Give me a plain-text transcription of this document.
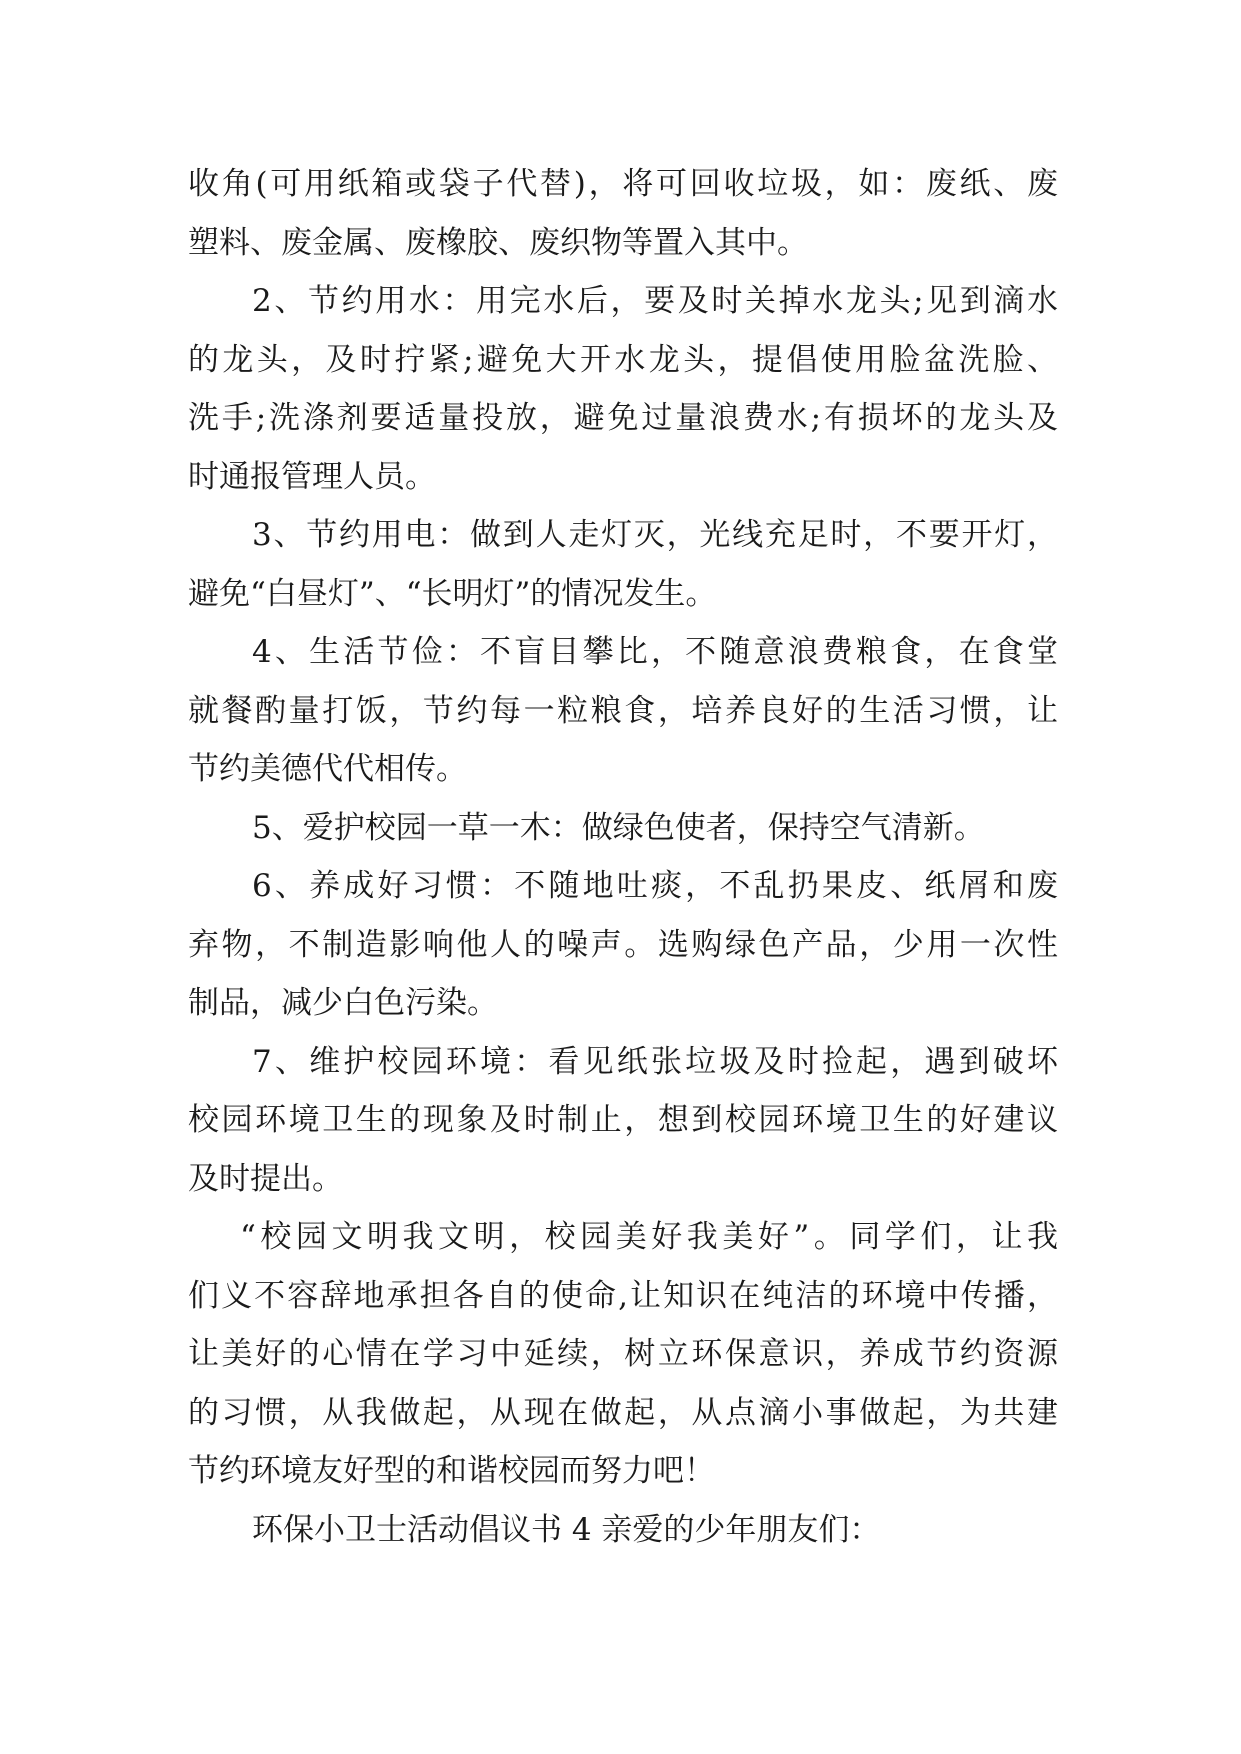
收角(可用纸箱或袋子代替)，将可回收垃圾，如：废纸、废
塑料、废金属、废橡胶、废织物等置入其中。
2、节约用水：用完水后，要及时关掉水龙头;见到滴水
的龙头，及时拧紧;避免大开水龙头，提倡使用脸盆洗脸、
洗手;洗涤剂要适量投放，避免过量浪费水;有损坏的龙头及
时通报管理人员。
3、节约用电：做到人走灯灭，光线充足时，不要开灯，
避免“白昼灯”、“长明灯”的情况发生。
4、生活节俭：不盲目攀比，不随意浪费粮食，在食堂
就餐酌量打饭，节约每一粒粮食，培养良好的生活习惯，让
节约美德代代相传。
5、爱护校园一草一木：做绿色使者，保持空气清新。
6、养成好习惯：不随地吐痰，不乱扔果皮、纸屑和废
弃物，不制造影响他人的噪声。选购绿色产品，少用一次性
制品，减少白色污染。
7、维护校园环境：看见纸张垃圾及时捡起，遇到破坏
校园环境卫生的现象及时制止，想到校园环境卫生的好建议
及时提出。
“校园文明我文明，校园美好我美好”。同学们，让我
们义不容辞地承担各自的使命,让知识在纯洁的环境中传播，
让美好的心情在学习中延续，树立环保意识，养成节约资源
的习惯，从我做起，从现在做起，从点滴小事做起，为共建
节约环境友好型的和谐校园而努力吧！
环保小卫士活动倡议书 4 亲爱的少年朋友们：
